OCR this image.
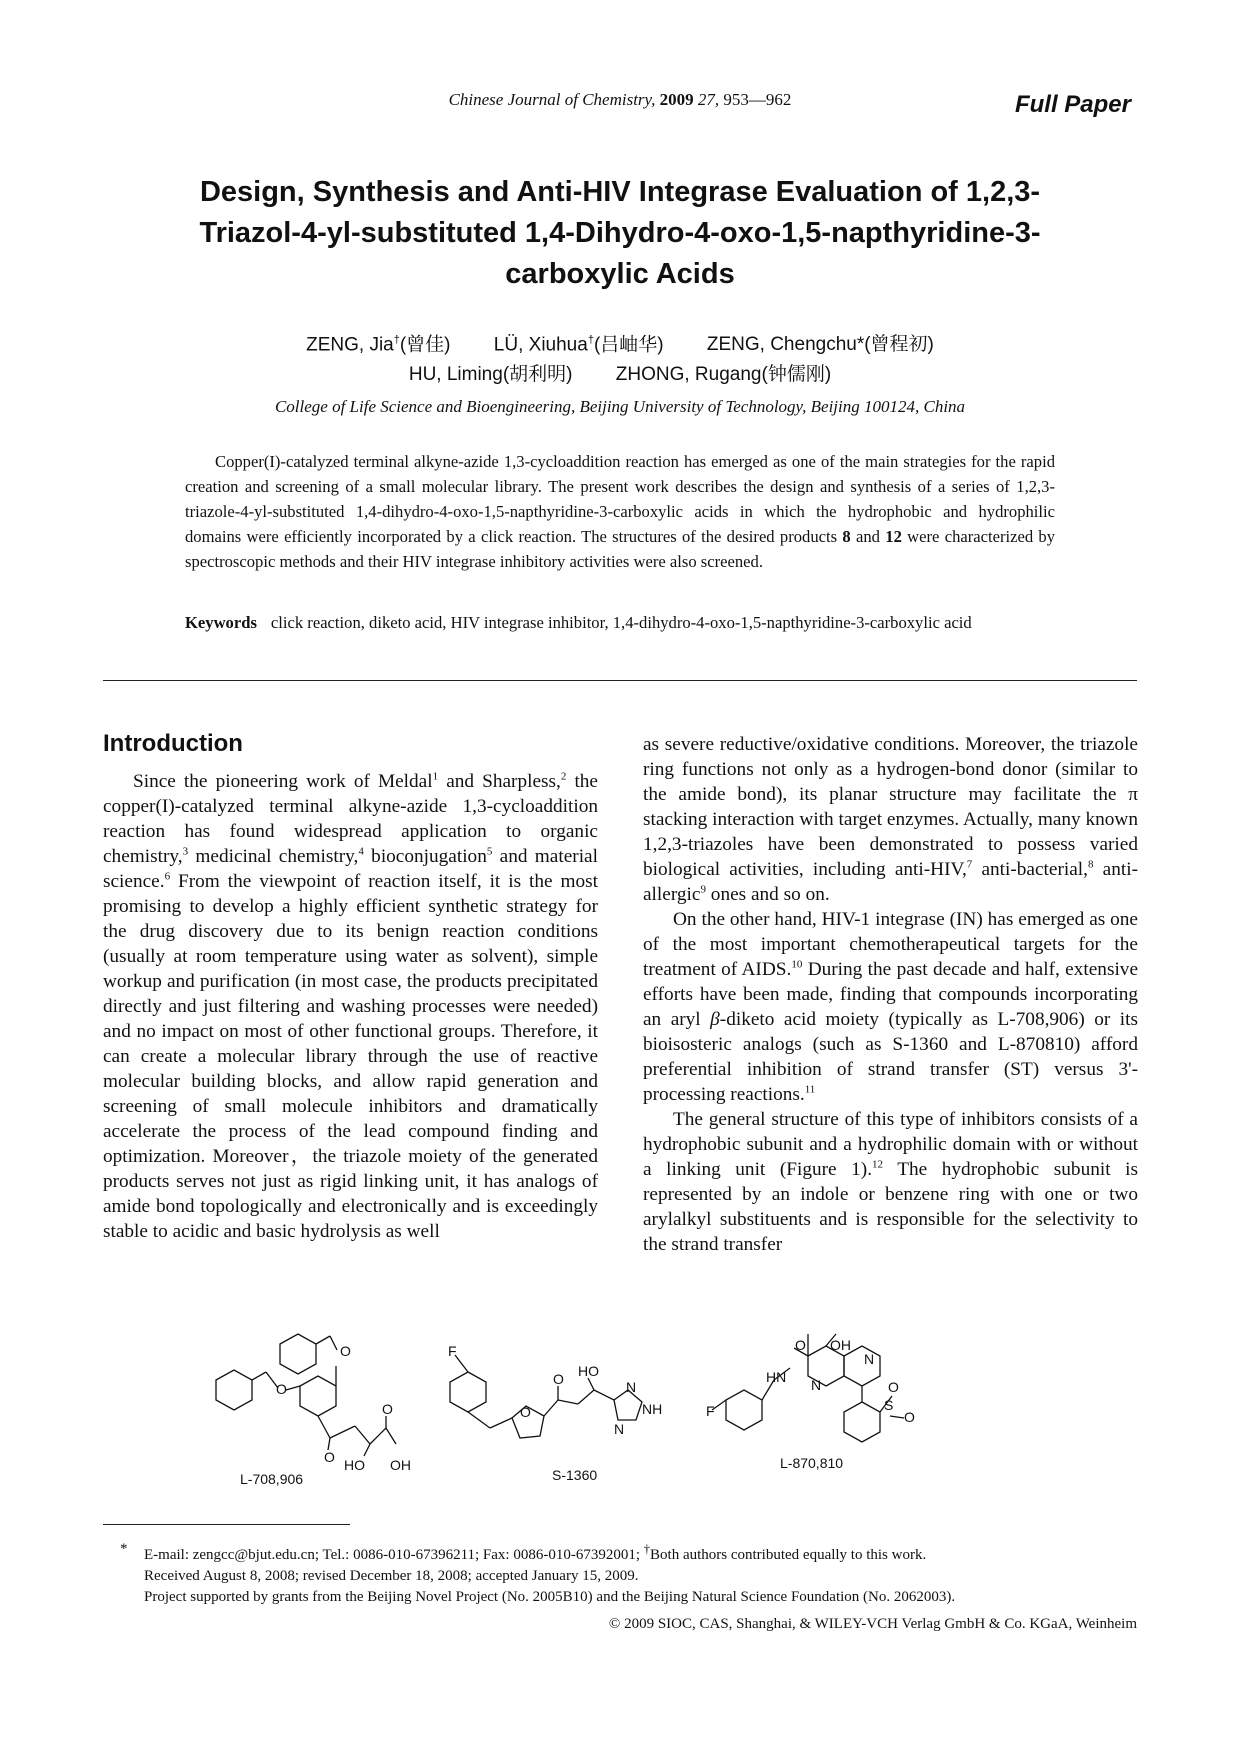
Chinese Journal of Chemistry, 2009 27, 953—962	Full Paper
Design, Synthesis and Anti-HIV Integrase Evaluation of 1,2,3-Triazol-4-yl-substituted 1,4-Dihydro-4-oxo-1,5-napthyridine-3-carboxylic Acids
ZENG, Jia†(曾佳) LÜ, Xiuhua†(吕岫华) ZENG, Chengchu*(曾程初)
HU, Liming(胡利明) ZHONG, Rugang(钟儒刚)
College of Life Science and Bioengineering, Beijing University of Technology, Beijing 100124, China

Copper(I)-catalyzed terminal alkyne-azide 1,3-cycloaddition reaction has emerged as one of the main strategies for the rapid creation and screening of a small molecular library. The present work describes the design and synthesis of a series of 1,2,3-triazole-4-yl-substituted 1,4-dihydro-4-oxo-1,5-napthyridine-3-carboxylic acids in which the hydrophobic and hydrophilic domains were efficiently incorporated by a click reaction. The structures of the desired products 8 and 12 were characterized by spectroscopic methods and their HIV integrase inhibitory activities were also screened.

Keywords click reaction, diketo acid, HIV integrase inhibitor, 1,4-dihydro-4-oxo-1,5-napthyridine-3-carboxylic acid

Introduction

Since the pioneering work of Meldal$^1$ and Sharpless,$^2$ the copper(I)-catalyzed terminal alkyne-azide 1,3-cycloaddition reaction has found widespread application to organic chemistry,$^3$ medicinal chemistry,$^4$ bioconjugation$^5$ and material science.$^6$ From the viewpoint of reaction itself, it is the most promising to develop a highly efficient synthetic strategy for the drug discovery due to its benign reaction conditions (usually at room temperature using water as solvent), simple workup and purification (in most case, the products precipitated directly and just filtering and washing processes were needed) and no impact on most of other functional groups. Therefore, it can create a molecular library through the use of reactive molecular building blocks, and allow rapid generation and screening of small molecule inhibitors and dramatically accelerate the process of the lead compound finding and optimization. Moreover，the triazole moiety of the generated products serves not just as rigid linking unit, it has analogs of amide bond topologically and electronically and is exceedingly stable to acidic and basic hydrolysis as well

as severe reductive/oxidative conditions. Moreover, the triazole ring functions not only as a hydrogen-bond donor (similar to the amide bond), its planar structure may facilitate the π stacking interaction with target enzymes. Actually, many known 1,2,3-triazoles have been demonstrated to possess varied biological activities, including anti-HIV,$^7$ anti-bacterial,$^8$ anti-allergic$^9$ ones and so on.

On the other hand, HIV-1 integrase (IN) has emerged as one of the most important chemotherapeutical targets for the treatment of AIDS.$^{10}$ During the past decade and half, extensive efforts have been made, finding that compounds incorporating an aryl β-diketo acid moiety (typically as L-708,906) or its bioisosteric analogs (such as S-1360 and L-870810) afford preferential inhibition of strand transfer (ST) versus 3'-processing reactions.$^{11}$

The general structure of this type of inhibitors consists of a hydrophobic subunit and a hydrophilic domain with or without a linking unit (Figure 1).$^{12}$ The hydrophobic subunit is represented by an indole or benzene ring with one or two arylalkyl substituents and is responsible for the selectivity to the strand transfer

O
O
O
O
HO OH
L-708,906
F
O
O HO
N
NH
N
S-1360
F
HN
O OH
N
N
S
O
O
L-870,810
* E-mail: zengcc@bjut.edu.cn; Tel.: 0086-010-67396211; Fax: 0086-010-67392001; †Both authors contributed equally to this work.
Received August 8, 2008; revised December 18, 2008; accepted January 15, 2009.
Project supported by grants from the Beijing Novel Project (No. 2005B10) and the Beijing Natural Science Foundation (No. 2062003).
© 2009 SIOC, CAS, Shanghai, & WILEY-VCH Verlag GmbH & Co. KGaA, Weinheim
